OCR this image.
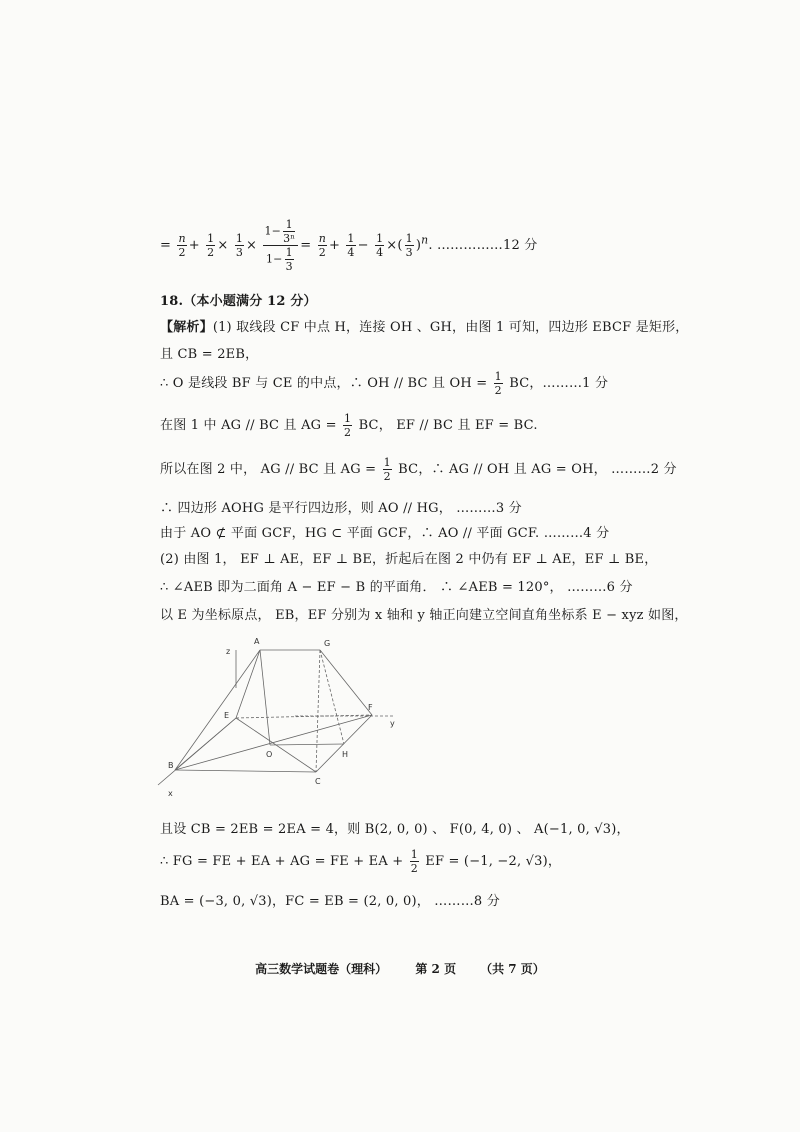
= $\frac{n}{2} + \frac{1}{2} \times \frac{1}{3} \times \frac{1- \frac{1}{\text{3ⁿ}}}{1- \frac{1}{3}} = \frac{n}{2} + \frac{1}{4} - \frac{1}{4}$ ×( $\frac{1}{3} )^n$. ……………12 分
18.（本小题满分 12 分）
【解析】(1) 取线段 CF 中点 H，连接 OH 、GH，由图 1 可知，四边形 EBCF 是矩形，
且 CB = 2EB，
∴ O 是线段 BF 与 CE 的中点，∴ OH // BC 且 OH = $\frac{1}{2}$ BC，………1 分
在图 1 中 AG // BC 且 AG = $\frac{1}{2}$ BC， EF // BC 且 EF = BC.
所以在图 2 中， AG // BC 且 AG = $\frac{1}{2}$ BC，∴ AG // OH 且 AG = OH， ………2 分
∴ 四边形 AOHG 是平行四边形，则 AO // HG， ………3 分
由于 AO ⊄ 平面 GCF，HG ⊂ 平面 GCF，∴ AO // 平面 GCF. ………4 分
(2) 由图 1， EF ⊥ AE，EF ⊥ BE，折起后在图 2 中仍有 EF ⊥ AE，EF ⊥ BE，
∴ ∠AEB 即为二面角 A − EF − B 的平面角． ∴ ∠AEB = 120°， ………6 分
以 E 为坐标原点， EB，EF 分别为 x 轴和 y 轴正向建立空间直角坐标系 E − xyz 如图，
A	G
z
F
y
E
O	H
B
C
x
且设 CB = 2EB = 2EA = 4，则 B(2, 0, 0) 、 F(0, 4, 0) 、 A(−1, 0, √3)，
∴ FG = FE + EA + AG = FE + EA + $\frac{1}{2}$ EF = (−1, −2, √3)，
BA = (−3, 0, √3)，FC = EB = (2, 0, 0)， ………8 分
高三数学试题卷（理科） 第 2 页 （共 7 页）
